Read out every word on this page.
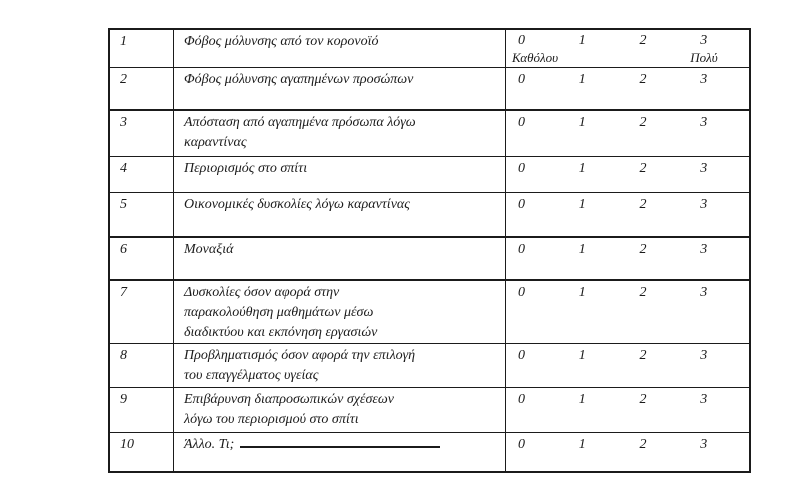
1	Φόβος μόλυνσης από τον κορονοϊό	0	1	2	3
Καθόλου	Πολύ
2	Φόβος μόλυνσης αγαπημένων προσώπων	0	1	2	3
3	Απόσταση από αγαπημένα πρόσωπα λόγω
καραντίνας
0	1	2	3
4	Περιορισμός στο σπίτι	0	1	2	3
5	Οικονομικές δυσκολίες λόγω καραντίνας	0	1	2	3
6	Μοναξιά	0	1	2	3
7	Δυσκολίες όσον αφορά στην
παρακολούθηση μαθημάτων μέσω
διαδικτύου και εκπόνηση εργασιών
0	1	2	3
8	Προβληματισμός όσον αφορά την επιλογή
του επαγγέλματος υγείας
0	1	2	3
9	Επιβάρυνση διαπροσωπικών σχέσεων
λόγω του περιορισμού στο σπίτι
0	1	2	3
10	Άλλο. Τι;	0	1	2	3
